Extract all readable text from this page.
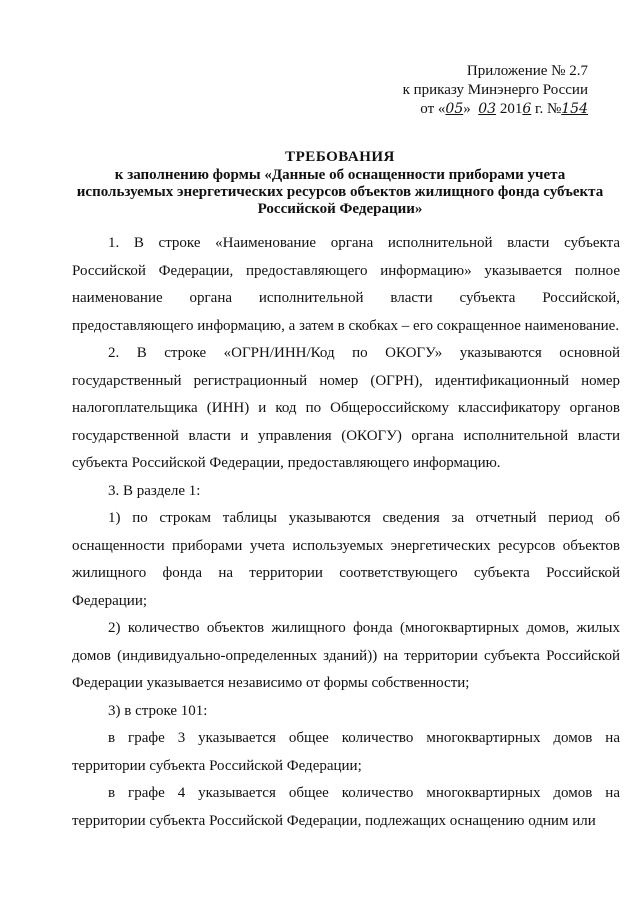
Приложение № 2.7
к приказу Минэнерго России
от «05» 03 2016 г. №154
ТРЕБОВАНИЯ
к заполнению формы «Данные об оснащенности приборами учета
используемых энергетических ресурсов объектов жилищного фонда субъекта
Российской Федерации»

1. В строке «Наименование органа исполнительной власти субъекта Российской Федерации, предоставляющего информацию» указывается полное наименование органа исполнительной власти субъекта Российской, предоставляющего информацию, а затем в скобках – его сокращенное наименование.

2. В строке «ОГРН/ИНН/Код по ОКОГУ» указываются основной государственный регистрационный номер (ОГРН), идентификационный номер налогоплательщика (ИНН) и код по Общероссийскому классификатору органов государственной власти и управления (ОКОГУ) органа исполнительной власти субъекта Российской Федерации, предоставляющего информацию.

3. В разделе 1:

1) по строкам таблицы указываются сведения за отчетный период об оснащенности приборами учета используемых энергетических ресурсов объектов жилищного фонда на территории соответствующего субъекта Российской Федерации;

2) количество объектов жилищного фонда (многоквартирных домов, жилых домов (индивидуально-определенных зданий)) на территории субъекта Российской Федерации указывается независимо от формы собственности;

3) в строке 101:

в графе 3 указывается общее количество многоквартирных домов на территории субъекта Российской Федерации;

в графе 4 указывается общее количество многоквартирных домов на территории субъекта Российской Федерации, подлежащих оснащению одним или
